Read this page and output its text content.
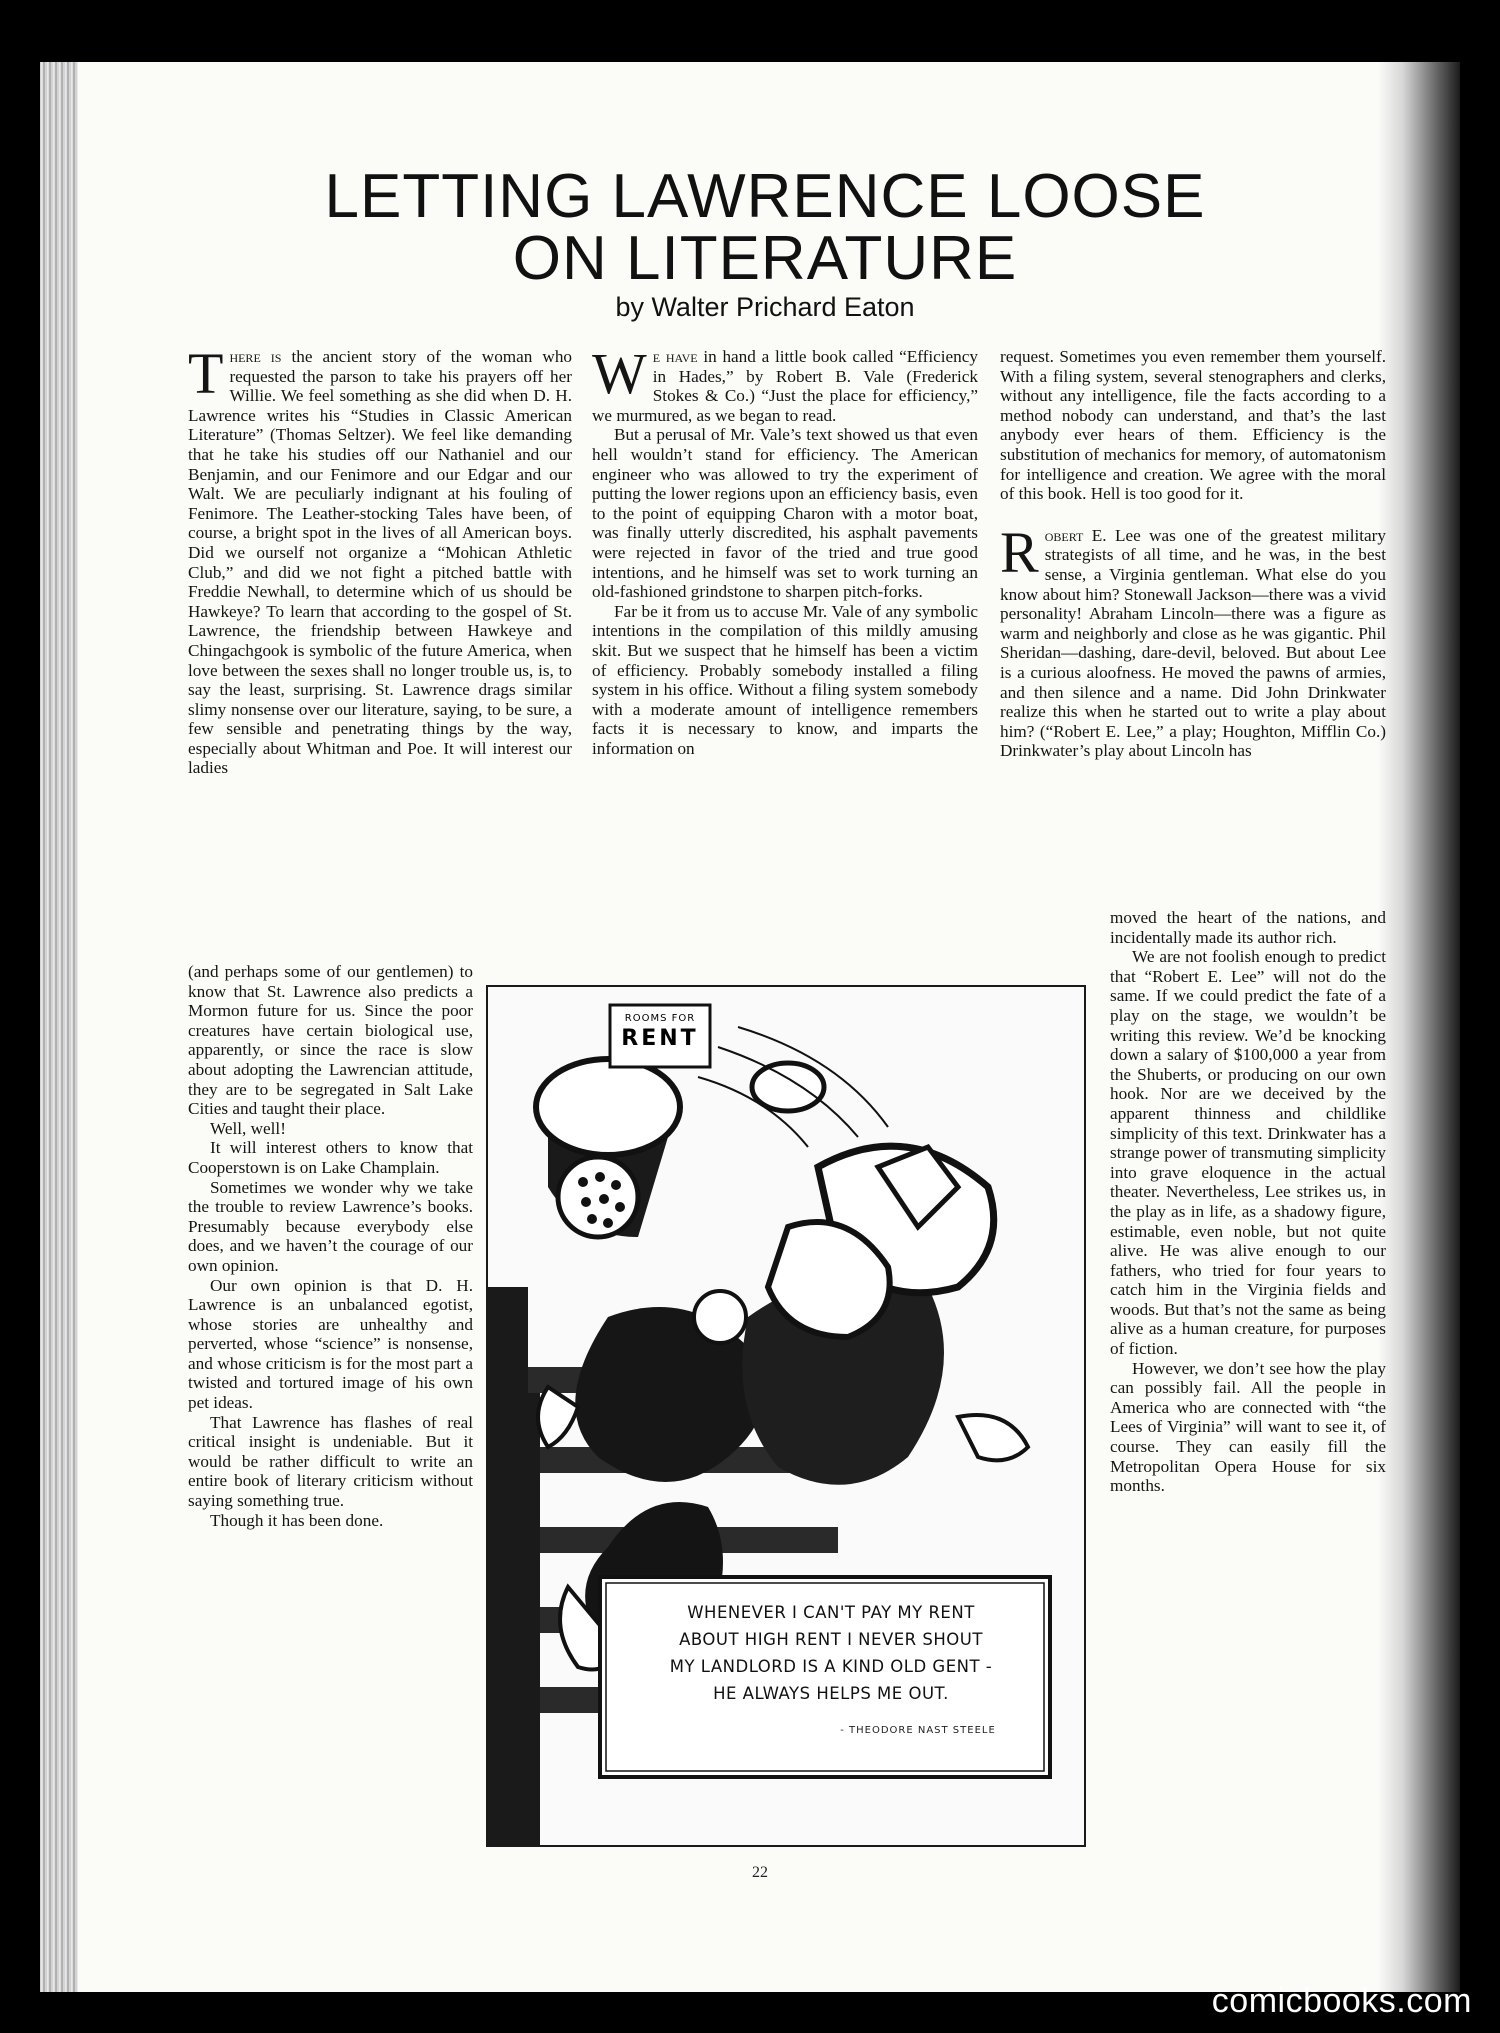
LETTING LAWRENCE LOOSE
ON LITERATURE
by Walter Prichard Eaton

There is the ancient story of the woman who requested the parson to take his prayers off her Willie. We feel something as she did when D. H. Lawrence writes his “Studies in Classic American Literature” (Thomas Seltzer). We feel like demanding that he take his studies off our Nathaniel and our Benjamin, and our Fenimore and our Edgar and our Walt. We are peculiarly indignant at his fouling of Fenimore. The Leather-stocking Tales have been, of course, a bright spot in the lives of all American boys. Did we ourself not organize a “Mohican Athletic Club,” and did we not fight a pitched battle with Freddie Newhall, to determine which of us should be Hawkeye? To learn that according to the gospel of St. Lawrence, the friendship between Hawkeye and Chingachgook is symbolic of the future America, when love between the sexes shall no longer trouble us, is, to say the least, surprising. St. Lawrence drags similar slimy nonsense over our literature, saying, to be sure, a few sensible and penetrating things by the way, especially about Whitman and Poe. It will interest our ladies

(and perhaps some of our gentlemen) to know that St. Lawrence also predicts a Mormon future for us. Since the poor creatures have certain biological use, apparently, or since the race is slow about adopting the Lawrencian attitude, they are to be segregated in Salt Lake Cities and taught their place.

Well, well!

It will interest others to know that Cooperstown is on Lake Champlain.

Sometimes we wonder why we take the trouble to review Lawrence’s books. Presumably because everybody else does, and we haven’t the courage of our own opinion.

Our own opinion is that D. H. Lawrence is an unbalanced egotist, whose stories are unhealthy and perverted, whose “science” is nonsense, and whose criticism is for the most part a twisted and tortured image of his own pet ideas.

That Lawrence has flashes of real critical insight is undeniable. But it would be rather difficult to write an entire book of literary criticism without saying something true.

Though it has been done.

We have in hand a little book called “Efficiency in Hades,” by Robert B. Vale (Frederick Stokes & Co.) “Just the place for efficiency,” we murmured, as we began to read.

But a perusal of Mr. Vale’s text showed us that even hell wouldn’t stand for efficiency. The American engineer who was allowed to try the experiment of putting the lower regions upon an efficiency basis, even to the point of equipping Charon with a motor boat, was finally utterly discredited, his asphalt pavements were rejected in favor of the tried and true good intentions, and he himself was set to work turning an old-fashioned grindstone to sharpen pitch-forks.

Far be it from us to accuse Mr. Vale of any symbolic intentions in the compilation of this mildly amusing skit. But we suspect that he himself has been a victim of efficiency. Probably somebody installed a filing system in his office. Without a filing system somebody with a moderate amount of intelligence remembers facts it is necessary to know, and imparts the information on

request. Sometimes you even remember them yourself. With a filing system, several stenographers and clerks, without any intelligence, file the facts according to a method nobody can understand, and that’s the last anybody ever hears of them. Efficiency is the substitution of mechanics for memory, of automatonism for intelligence and creation. We agree with the moral of this book. Hell is too good for it.

Robert E. Lee was one of the greatest military strategists of all time, and he was, in the best sense, a Virginia gentleman. What else do you know about him? Stonewall Jackson—there was a vivid personality! Abraham Lincoln—there was a figure as warm and neighborly and close as he was gigantic. Phil Sheridan—dashing, dare-devil, beloved. But about Lee is a curious aloofness. He moved the pawns of armies, and then silence and a name. Did John Drinkwater realize this when he started out to write a play about him? (“Robert E. Lee,” a play; Houghton, Mifflin Co.) Drinkwater’s play about Lincoln has

moved the heart of the nations, and incidentally made its author rich.

We are not foolish enough to predict that “Robert E. Lee” will not do the same. If we could predict the fate of a play on the stage, we wouldn’t be writing this review. We’d be knocking down a salary of $100,000 a year from the Shuberts, or producing on our own hook. Nor are we deceived by the apparent thinness and childlike simplicity of this text. Drinkwater has a strange power of transmuting simplicity into grave eloquence in the actual theater. Nevertheless, Lee strikes us, in the play as in life, as a shadowy figure, estimable, even noble, but not quite alive. He was alive enough to our fathers, who tried for four years to catch him in the Virginia fields and woods. But that’s not the same as being alive as a human creature, for purposes of fiction.

However, we don’t see how the play can possibly fail. All the people in America who are connected with “the Lees of Virginia” will want to see it, of course. They can easily fill the Metropolitan Opera House for six months.

ROOMS FOR
RENT
WHENEVER I CAN'T PAY MY RENT
ABOUT HIGH RENT I NEVER SHOUT
MY LANDLORD IS A KIND OLD GENT -
HE ALWAYS HELPS ME OUT.
- THEODORE NAST STEELE
22
comicbooks.com
